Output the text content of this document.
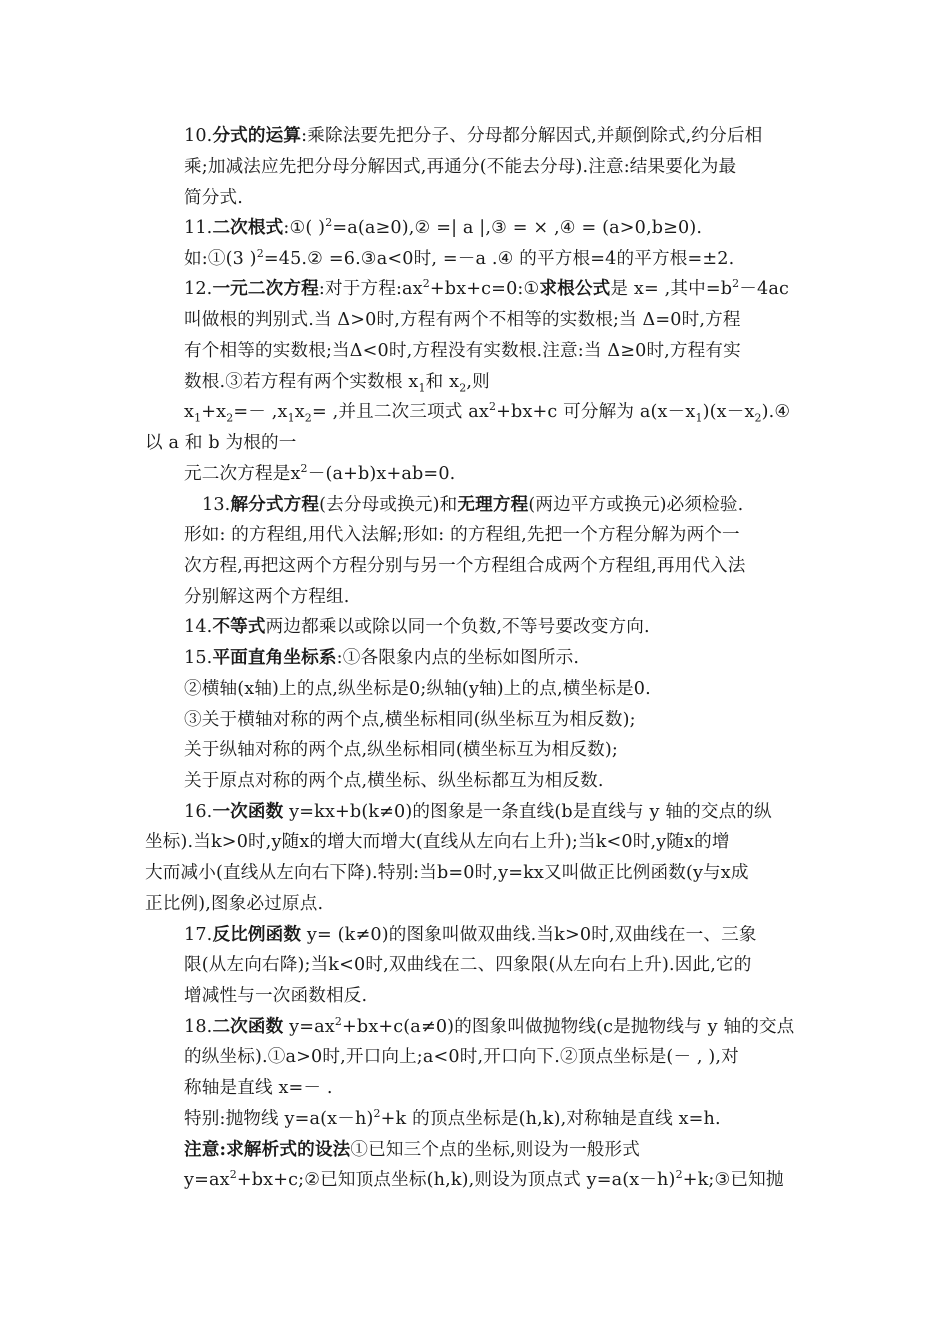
10.分式的运算:乘除法要先把分子、分母都分解因式,并颠倒除式,约分后相
乘;加减法应先把分母分解因式,再通分(不能去分母).注意:结果要化为最
简分式.
11.二次根式:①( )$^2$=a(a≥0),② =| a |,③ = × ,④ = (a>0,b≥0).
如:①(3 )$^2$=45.② =6.③a<0时, =－a .④ 的平方根=4的平方根=±2.
12.一元二次方程:对于方程$:ax^2+bx+c=0:①$求根公式是 x= ,其中$=b^2-4ac$
叫做根的判别式.当 Δ>0时,方程有两个不相等的实数根;当 Δ=0时,方程
有个相等的实数根;当Δ<0时,方程没有实数根.注意:当 Δ≥0时,方程有实
数根.③若方程有两个实数根 $x_1$和 $x_2$,则
$x_1+x_2=- ,x_1x_2=$ ,并且二次三项式 $ax^2+bx+c$ 可分解为 $a(x-x_1)(x-x_2).④$
以 a 和 b 为根的一
元二次方程是$x^2-(a+b)x+ab=0$.
13.解分式方程(去分母或换元)和无理方程(两边平方或换元)必须检验.
形如: 的方程组,用代入法解;形如: 的方程组,先把一个方程分解为两个一
次方程,再把这两个方程分别与另一个方程组合成两个方程组,再用代入法
分别解这两个方程组.
14.不等式两边都乘以或除以同一个负数,不等号要改变方向.
15.平面直角坐标系:①各限象内点的坐标如图所示.
②横轴(x轴)上的点,纵坐标是0;纵轴(y轴)上的点,横坐标是0.
③关于横轴对称的两个点,横坐标相同(纵坐标互为相反数);
关于纵轴对称的两个点,纵坐标相同(横坐标互为相反数);
关于原点对称的两个点,横坐标、纵坐标都互为相反数.
16.一次函数 y=kx+b(k≠0)的图象是一条直线(b是直线与 y 轴的交点的纵
坐标).当k>0时,y随x的增大而增大(直线从左向右上升);当k<0时,y随x的增
大而减小(直线从左向右下降).特别:当b=0时,y=kx又叫做正比例函数(y与x成
正比例),图象必过原点.
17.反比例函数 y= (k≠0)的图象叫做双曲线.当k>0时,双曲线在一、三象
限(从左向右降);当k<0时,双曲线在二、四象限(从左向右上升).因此,它的
增减性与一次函数相反.
18.二次函数 $y=ax^2+bx+c(a\ne 0)$的图象叫做抛物线(c是抛物线与 y 轴的交点
的纵坐标).①a>0时,开口向上;a<0时,开口向下.②顶点坐标是(－ , ),对
称轴是直线 x=－ .
特别:抛物线 $y=a(x-h)^2+k$ 的顶点坐标是(h,k),对称轴是直线 x=h.
注意:求解析式的设法①已知三个点的坐标,则设为一般形式
$y=ax^2+bx+c;②$已知顶点坐标(h,k),则设为顶点式 $y=a(x-h)^2+k;③$已知抛
